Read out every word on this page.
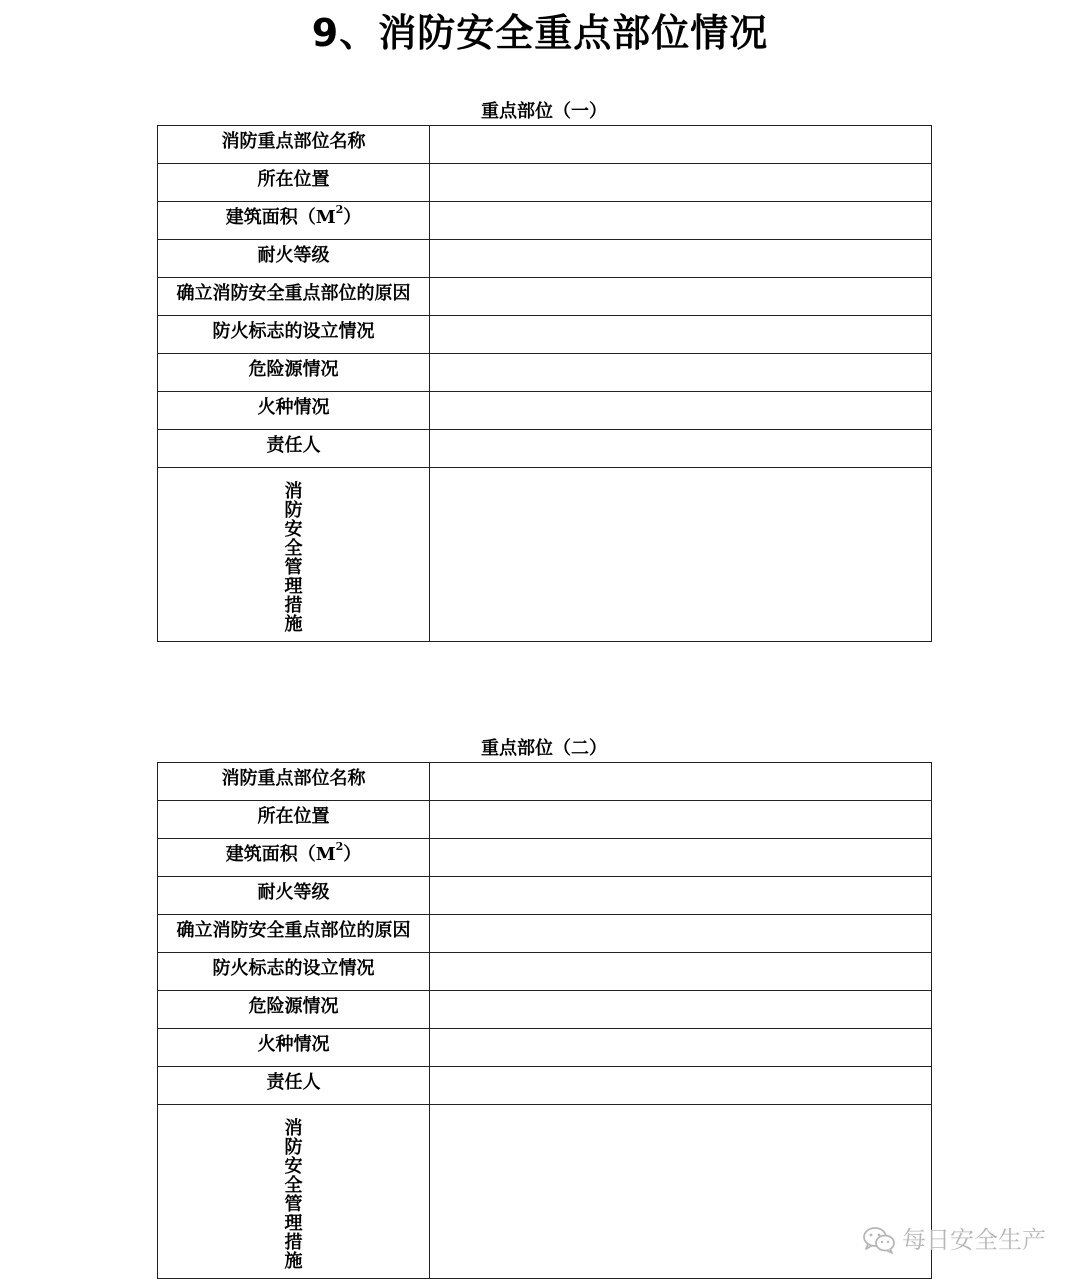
9、消防安全重点部位情况
重点部位（一）
消防重点部位名称	
所在位置	
建筑面积$(M^2)$	
耐火等级	
确立消防安全重点部位的原因	
防火标志的设立情况	
危险源情况	
火种情况	
责任人	

消防安全管理措施	

重点部位（二）
消防重点部位名称	
所在位置	
建筑面积$(M^2)$	
耐火等级	
确立消防安全重点部位的原因	
防火标志的设立情况	
危险源情况	
火种情况	
责任人	

消防安全管理措施	

每日安全生产
